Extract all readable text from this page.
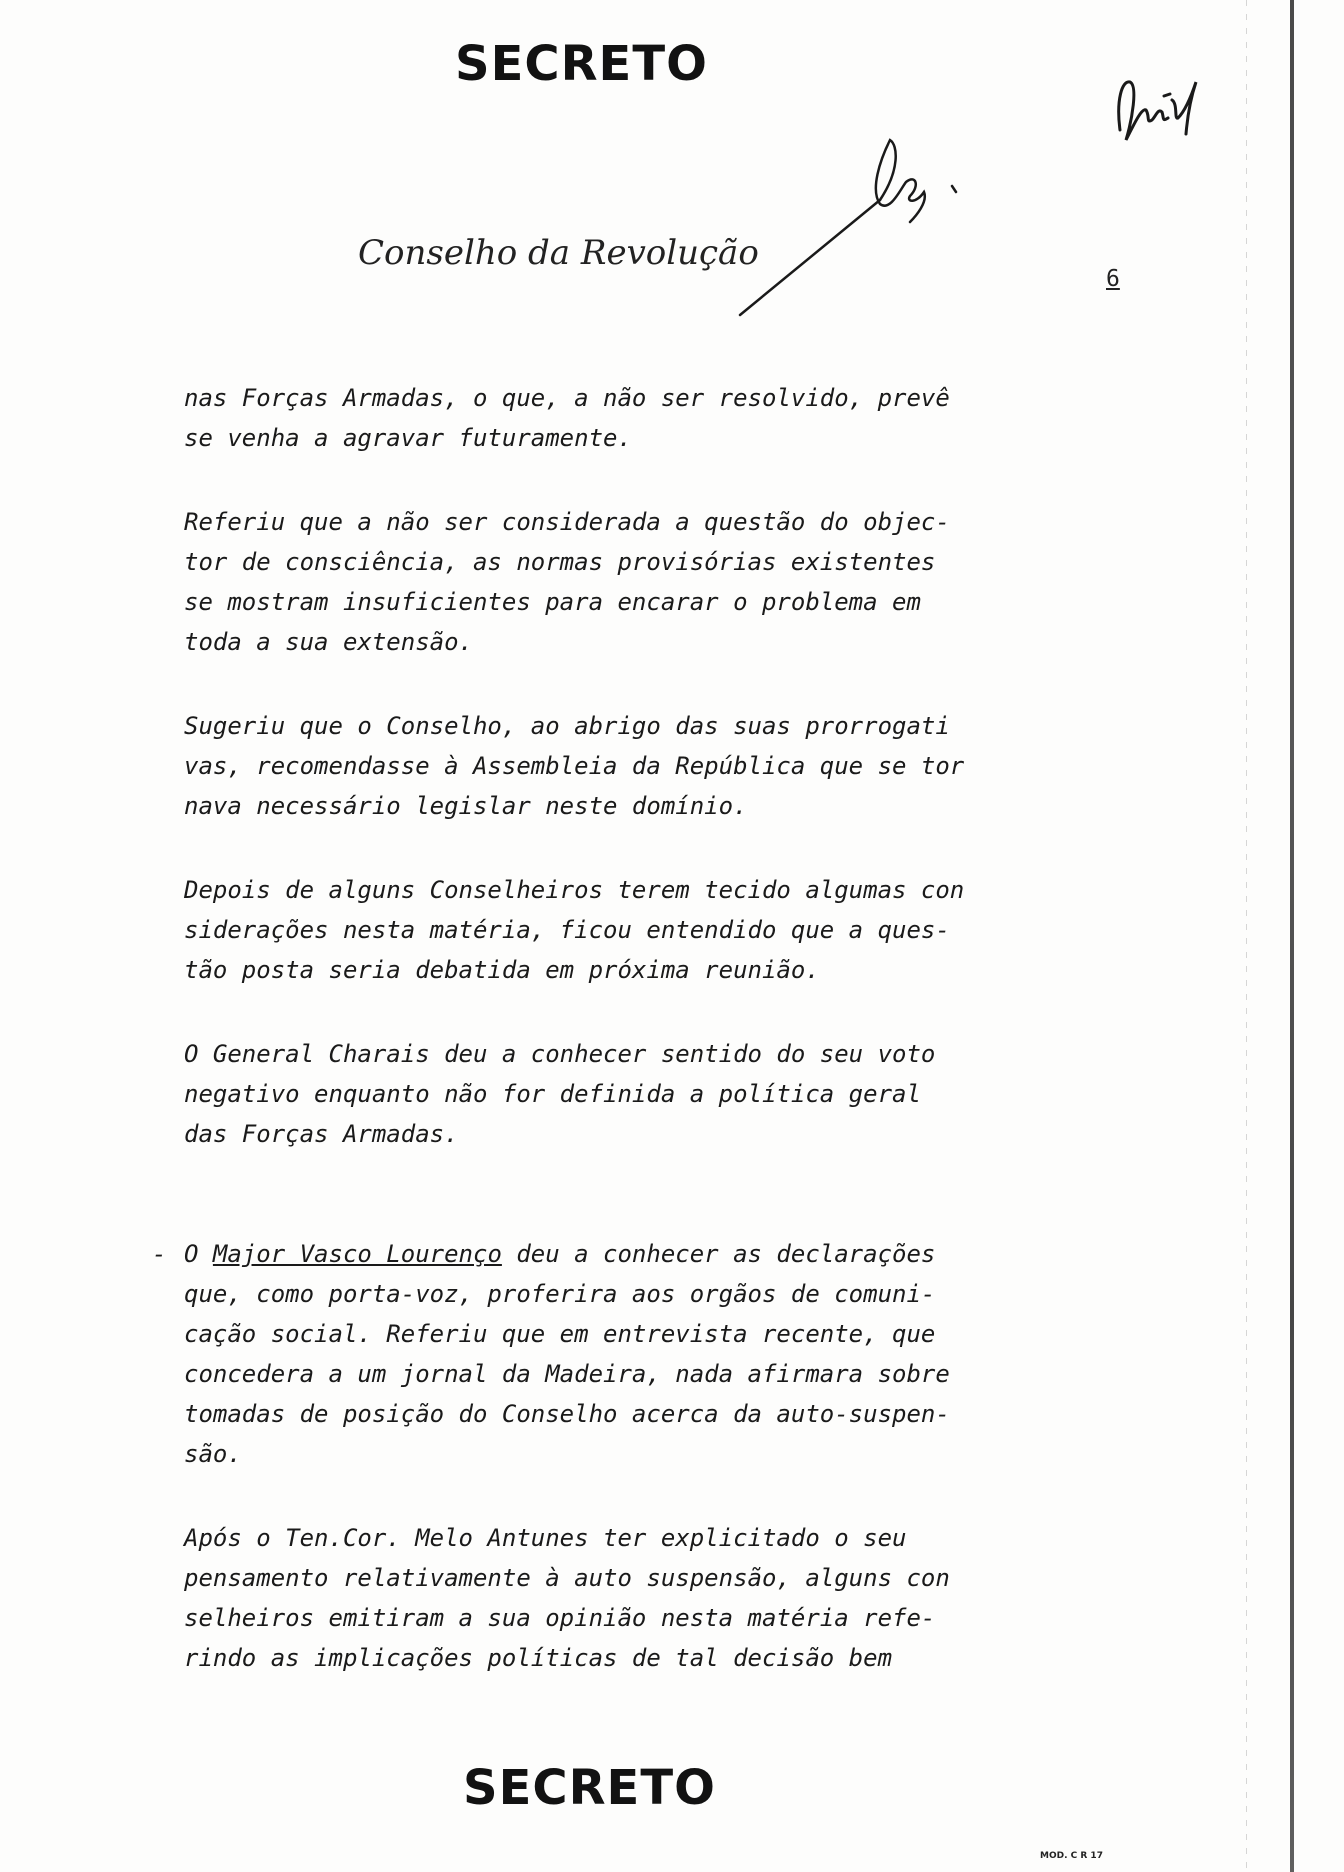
SECRETO
Conselho da Revolução
6
nas Forças Armadas, o que, a não ser resolvido, prevê
se venha a agravar futuramente.
Referiu que a não ser considerada a questão do objec-
tor de consciência, as normas provisórias existentes
se mostram insuficientes para encarar o problema em
toda a sua extensão.
Sugeriu que o Conselho, ao abrigo das suas prorrogati
vas, recomendasse à Assembleia da República que se tor
nava necessário legislar neste domínio.
Depois de alguns Conselheiros terem tecido algumas con
siderações nesta matéria, ficou entendido que a ques-
tão posta seria debatida em próxima reunião.
O General Charais deu a conhecer sentido do seu voto
negativo enquanto não for definida a política geral
das Forças Armadas.
- O Major Vasco Lourenço deu a conhecer as declarações
que, como porta-voz, proferira aos orgãos de comuni-
cação social. Referiu que em entrevista recente, que
concedera a um jornal da Madeira, nada afirmara sobre
tomadas de posição do Conselho acerca da auto-suspen-
são.
Após o Ten.Cor. Melo Antunes ter explicitado o seu
pensamento relativamente à auto suspensão, alguns con
selheiros emitiram a sua opinião nesta matéria refe-
rindo as implicações políticas de tal decisão bem
SECRETO
MOD. C R 17
